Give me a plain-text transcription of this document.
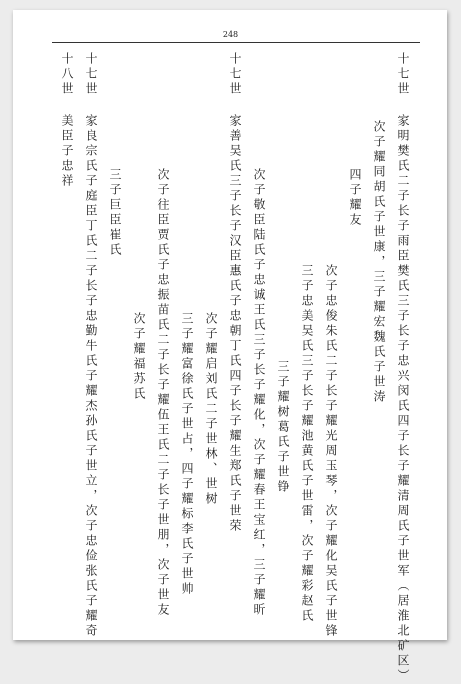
248
十七世 家明樊氏二子长子雨臣樊氏三子长子忠兴闵氏四子长子耀清周氏子世军（居淮北矿区）
次子耀同胡氏子世康，三子耀宏魏氏子世涛
四子耀友
次子忠俊朱氏二子长子耀光周玉琴，次子耀化吴氏子世锋
三子忠美吴氏三子长子耀池黄氏子世雷，次子耀彩赵氏
三子耀树葛氏子世铮
次子敬臣陆氏子忠诚王氏三子长子耀化，次子耀春王宝红，三子耀昕
十七世 家善吴氏三子长子汉臣惠氏子忠朝丁氏四子长子耀生郑氏子世荣
次子耀启刘氏二子世林、世树
三子耀富徐氏子世占，四子耀标李氏子世帅
次子往臣贾氏子忠振苗氏二子长子耀伍王氏二子长子世朋，次子世友
次子耀福苏氏
三子巨臣崔氏
十七世 家良宗氏子庭臣丁氏二子长子忠勤牛氏子耀杰孙氏子世立，次子忠俭张氏子耀奇
十八世 美臣子忠祥
